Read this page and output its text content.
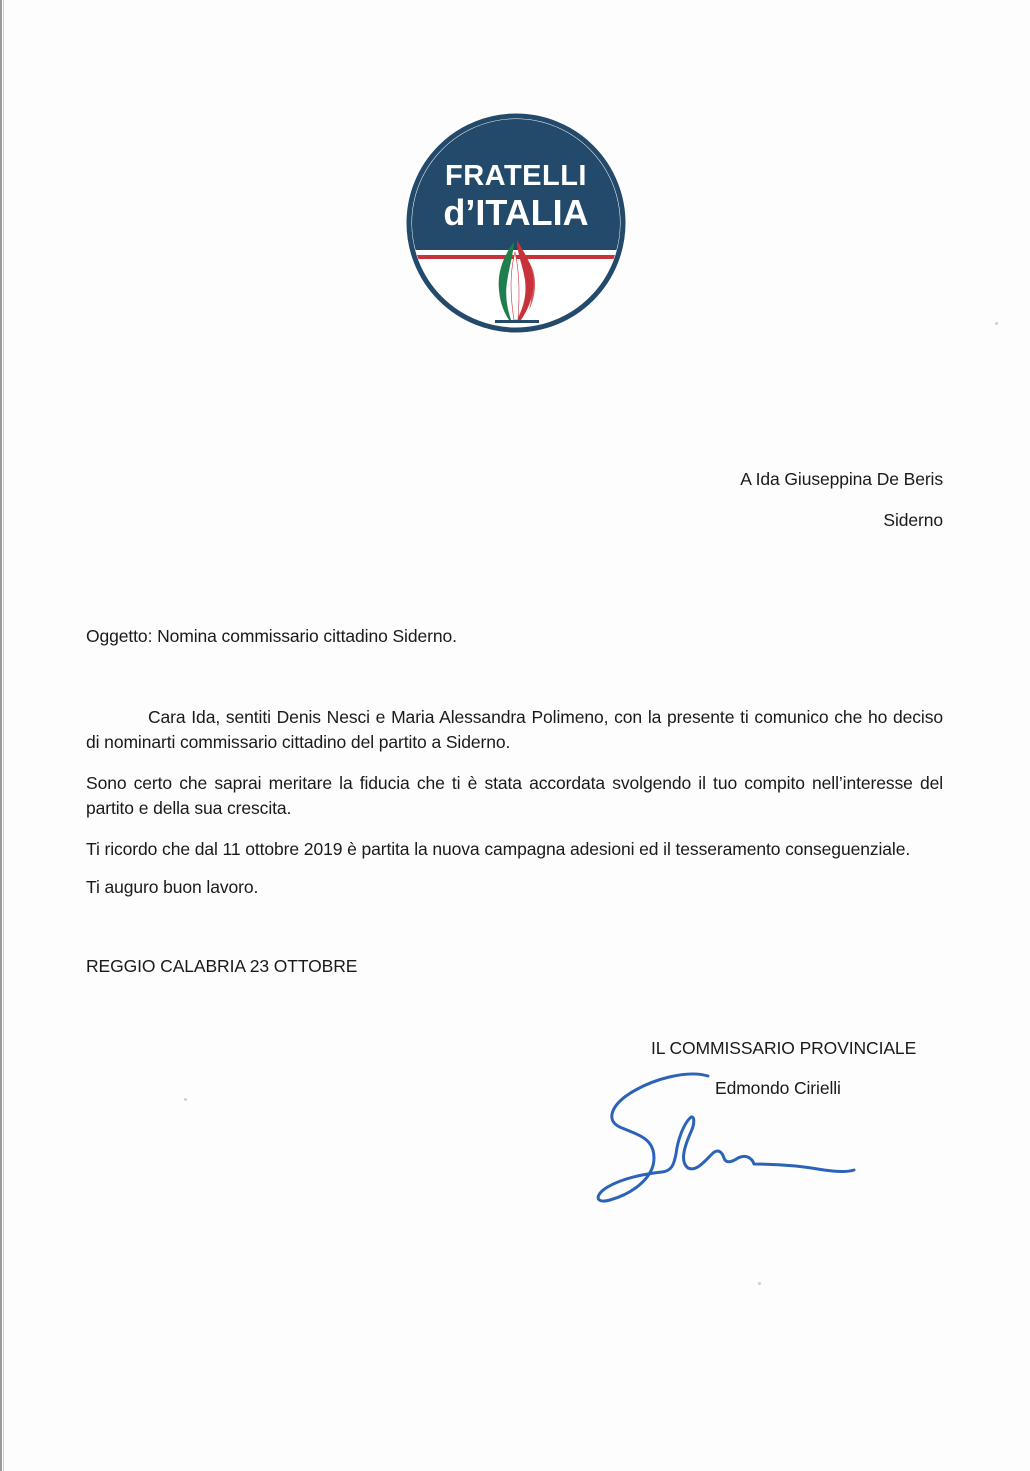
FRATELLI
d’ITALIA
A Ida Giuseppina De Beris
Siderno
Oggetto: Nomina commissario cittadino Siderno.
Cara Ida, sentiti Denis Nesci e Maria Alessandra Polimeno, con la presente ti comunico che ho deciso di nominarti commissario cittadino del partito a Siderno.
Sono certo che saprai meritare la fiducia che ti è stata accordata svolgendo il tuo compito nell’interesse del partito e della sua crescita.
Ti ricordo che dal 11 ottobre 2019 è partita la nuova campagna adesioni ed il tesseramento conseguenziale.
Ti auguro buon lavoro.
REGGIO CALABRIA 23 OTTOBRE
IL COMMISSARIO PROVINCIALE
Edmondo Cirielli
